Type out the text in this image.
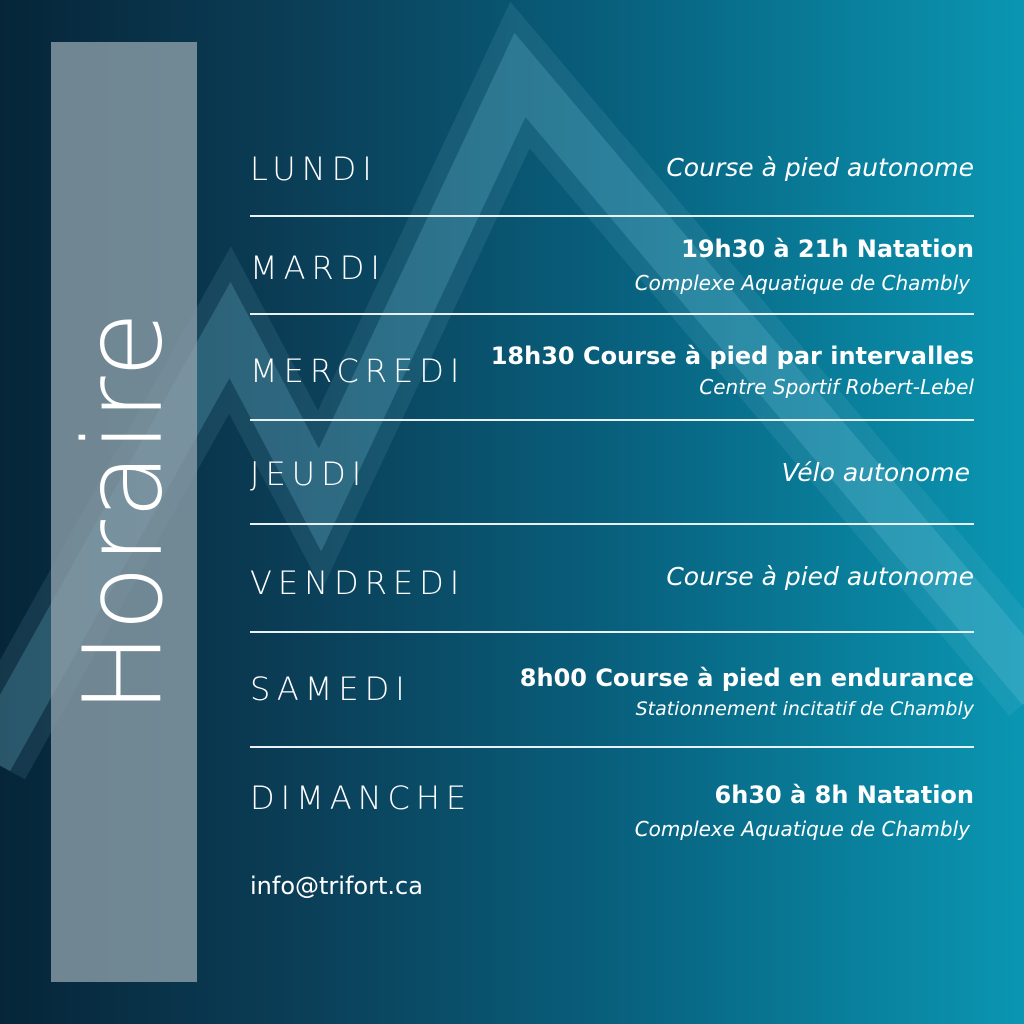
Horaire
LUNDI	Course à pied autonome
MARDI	19h30 à 21h Natation
Complexe Aquatique de Chambly
MERCREDI 18h30 Course à pied par intervalles
Centre Sportif Robert-Lebel
JEUDI	Vélo autonome
VENDREDI	Course à pied autonome
SAMEDI	8h00 Course à pied en endurance
Stationnement incitatif de Chambly
DIMANCHE	6h30 à 8h Natation
Complexe Aquatique de Chambly
info@trifort.ca
